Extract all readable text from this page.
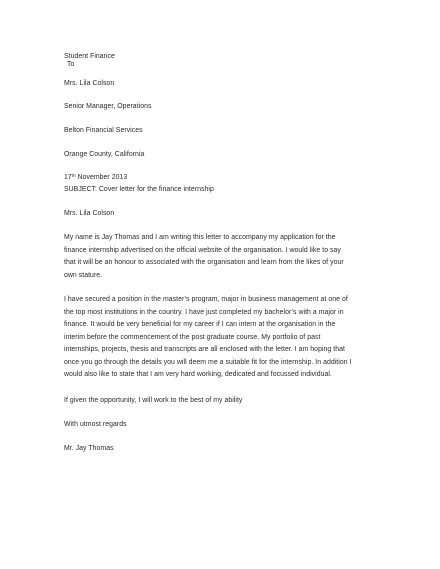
Student Finance
To
Mrs. Lila Colson
Senior Manager, Operations
Belton Financial Services
Orange County, California
17th November 2013
SUBJECT: Cover letter for the finance internship
Mrs. Lila Colson
My name is Jay Thomas and I am writing this letter to accompany my application for the
finance internship advertised on the official website of the organisation. I would like to say
that it will be an honour to associated with the organisation and learn from the likes of your
own stature.
I have secured a position in the master’s program, major in business management at one of
the top most institutions in the country. I have just completed my bachelor’s with a major in
finance. It would be very beneficial for my career if I can intern at the organisation in the
interim before the commencement of the post graduate course. My portfolio of past
internships, projects, thesis and transcripts are all enclosed with the letter. I am hoping that
once you go through the details you will deem me a suitable fit for the internship. In addition I
would also like to state that I am very hard working, dedicated and focussed individual.
If given the opportunity, I will work to the best of my ability
With utmost regards
Mr. Jay Thomas
